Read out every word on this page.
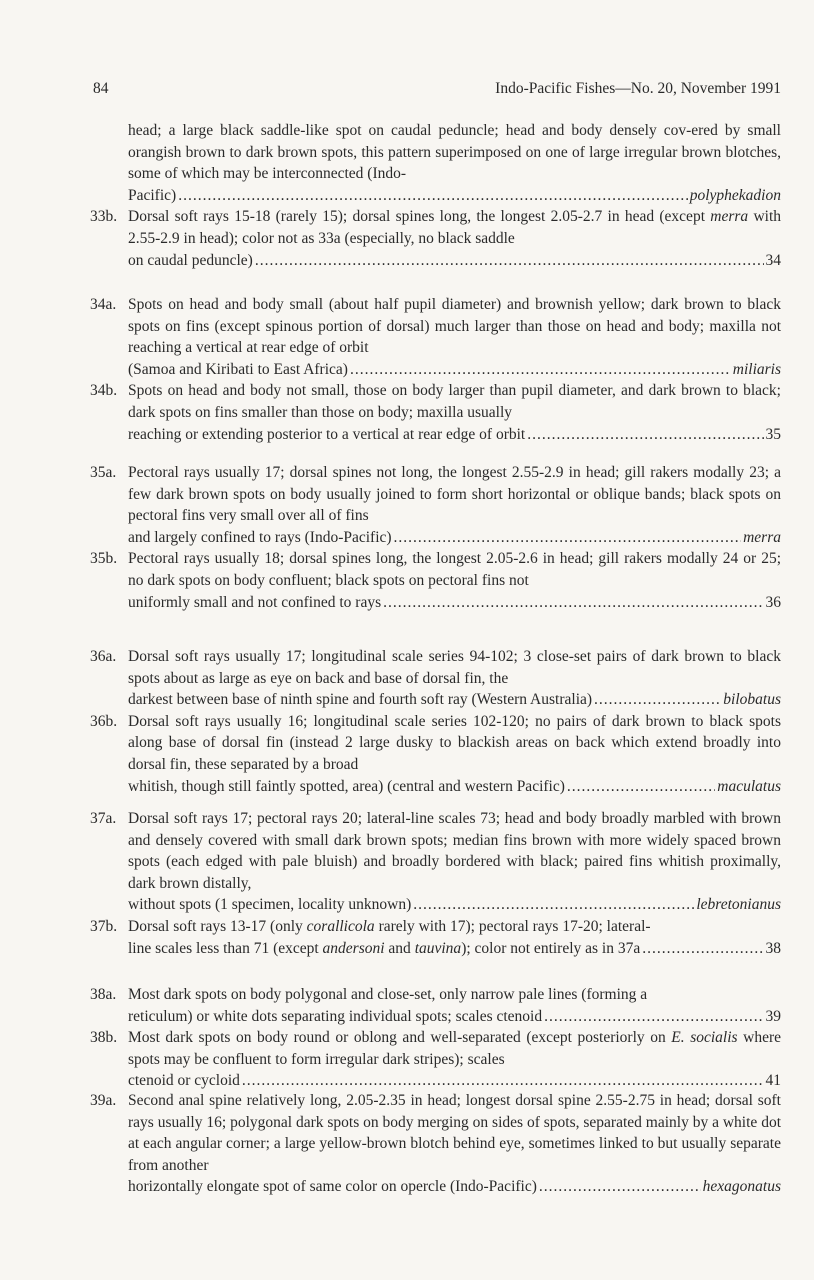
84	Indo-Pacific Fishes—No. 20, November 1991
head; a large black saddle-like spot on caudal peduncle; head and body densely cov-ered by small orangish brown to dark brown spots, this pattern superimposed on one of large irregular brown blotches, some of which may be interconnected (Indo-
Pacific) .....	polyphekadion
33b. Dorsal soft rays 15-18 (rarely 15); dorsal spines long, the longest 2.05-2.7 in head (except merra with 2.55-2.9 in head); color not as 33a (especially, no black saddle
on caudal peduncle) .....	34
34a. Spots on head and body small (about half pupil diameter) and brownish yellow; dark brown to black spots on fins (except spinous portion of dorsal) much larger than those on head and body; maxilla not reaching a vertical at rear edge of orbit
(Samoa and Kiribati to East Africa) .....	miliaris
34b. Spots on head and body not small, those on body larger than pupil diameter, and dark brown to black; dark spots on fins smaller than those on body; maxilla usually
reaching or extending posterior to a vertical at rear edge of orbit .....	35
35a. Pectoral rays usually 17; dorsal spines not long, the longest 2.55-2.9 in head; gill rakers modally 23; a few dark brown spots on body usually joined to form short horizontal or oblique bands; black spots on pectoral fins very small over all of fins
and largely confined to rays (Indo-Pacific) .....	merra
35b. Pectoral rays usually 18; dorsal spines long, the longest 2.05-2.6 in head; gill rakers modally 24 or 25; no dark spots on body confluent; black spots on pectoral fins not
uniformly small and not confined to rays .....	36
36a. Dorsal soft rays usually 17; longitudinal scale series 94-102; 3 close-set pairs of dark brown to black spots about as large as eye on back and base of dorsal fin, the
darkest between base of ninth spine and fourth soft ray (Western Australia) .....	bilobatus
36b. Dorsal soft rays usually 16; longitudinal scale series 102-120; no pairs of dark brown to black spots along base of dorsal fin (instead 2 large dusky to blackish areas on back which extend broadly into dorsal fin, these separated by a broad
whitish, though still faintly spotted, area) (central and western Pacific) .....	maculatus
37a. Dorsal soft rays 17; pectoral rays 20; lateral-line scales 73; head and body broadly marbled with brown and densely covered with small dark brown spots; median fins brown with more widely spaced brown spots (each edged with pale bluish) and broadly bordered with black; paired fins whitish proximally, dark brown distally,
without spots (1 specimen, locality unknown) .....	lebretonianus
37b. Dorsal soft rays 13-17 (only corallicola rarely with 17); pectoral rays 17-20; lateral-
line scales less than 71 (except andersoni and tauvina); color not entirely as in 37a .....	38
38a. Most dark spots on body polygonal and close-set, only narrow pale lines (forming a
reticulum) or white dots separating individual spots; scales ctenoid .....	39
38b. Most dark spots on body round or oblong and well-separated (except posteriorly on E. socialis where spots may be confluent to form irregular dark stripes); scales
ctenoid or cycloid .....	41
39a. Second anal spine relatively long, 2.05-2.35 in head; longest dorsal spine 2.55-2.75 in head; dorsal soft rays usually 16; polygonal dark spots on body merging on sides of spots, separated mainly by a white dot at each angular corner; a large yellow-brown blotch behind eye, sometimes linked to but usually separate from another
horizontally elongate spot of same color on opercle (Indo-Pacific) .....	hexagonatus
